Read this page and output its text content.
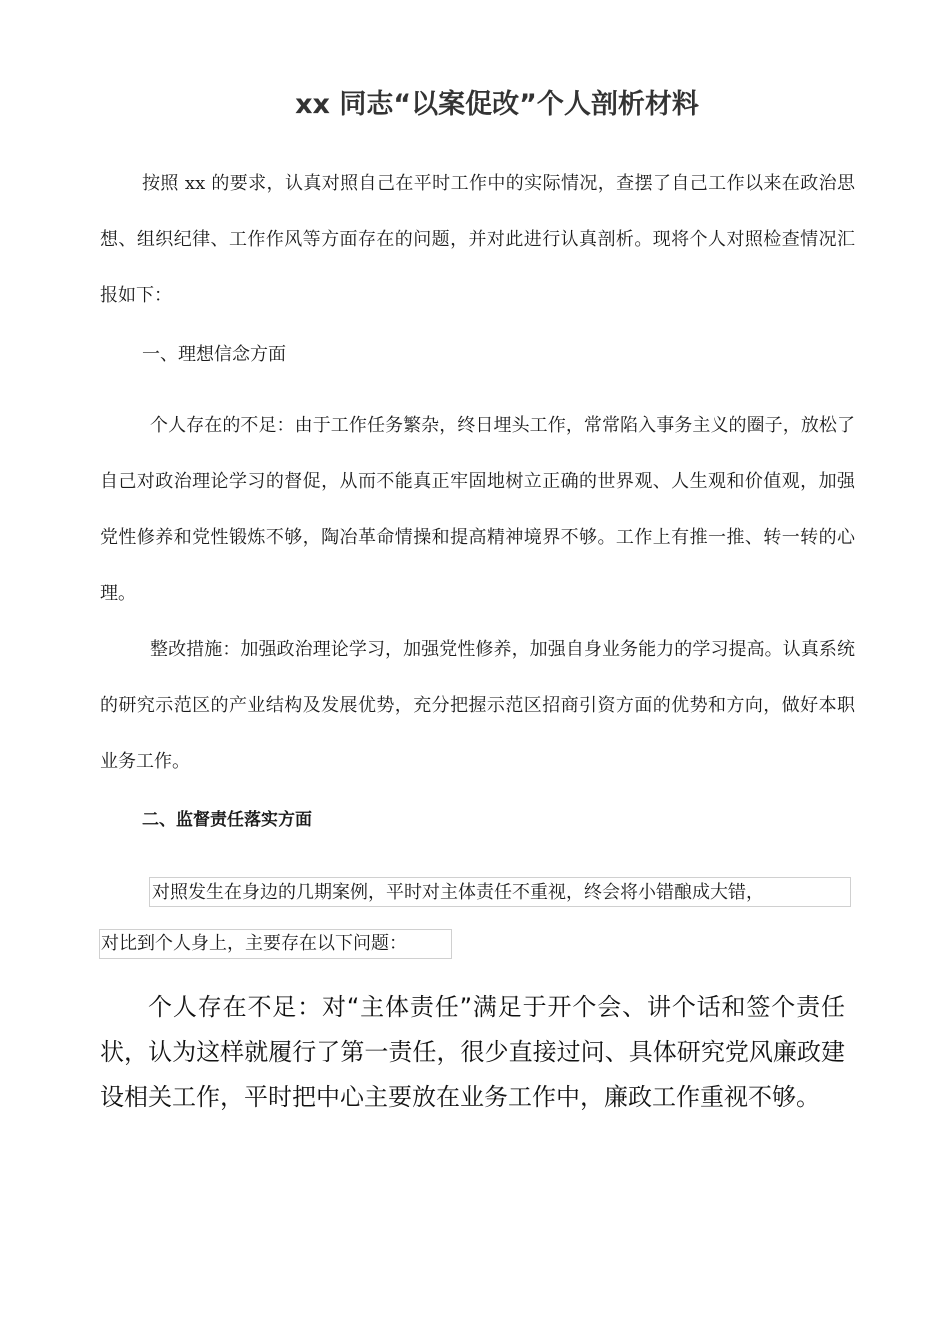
xx 同志“以案促改”个人剖析材料

按照 xx 的要求，认真对照自己在平时工作中的实际情况，查摆了自己工作以来在政治思想、组织纪律、工作作风等方面存在的问题，并对此进行认真剖析。现将个人对照检查情况汇报如下：

一、理想信念方面

个人存在的不足：由于工作任务繁杂，终日埋头工作，常常陷入事务主义的圈子，放松了自己对政治理论学习的督促，从而不能真正牢固地树立正确的世界观、人生观和价值观，加强党性修养和党性锻炼不够，陶冶革命情操和提高精神境界不够。工作上有推一推、转一转的心理。

整改措施：加强政治理论学习，加强党性修养，加强自身业务能力的学习提高。认真系统的研究示范区的产业结构及发展优势，充分把握示范区招商引资方面的优势和方向，做好本职业务工作。

二、监督责任落实方面

对照发生在身边的几期案例，平时对主体责任不重视，终会将小错酿成大错，
对比到个人身上，主要存在以下问题：

个人存在不足：对“主体责任”满足于开个会、讲个话和签个责任状，认为这样就履行了第一责任，很少直接过问、具体研究党风廉政建设相关工作，平时把中心主要放在业务工作中，廉政工作重视不够。
